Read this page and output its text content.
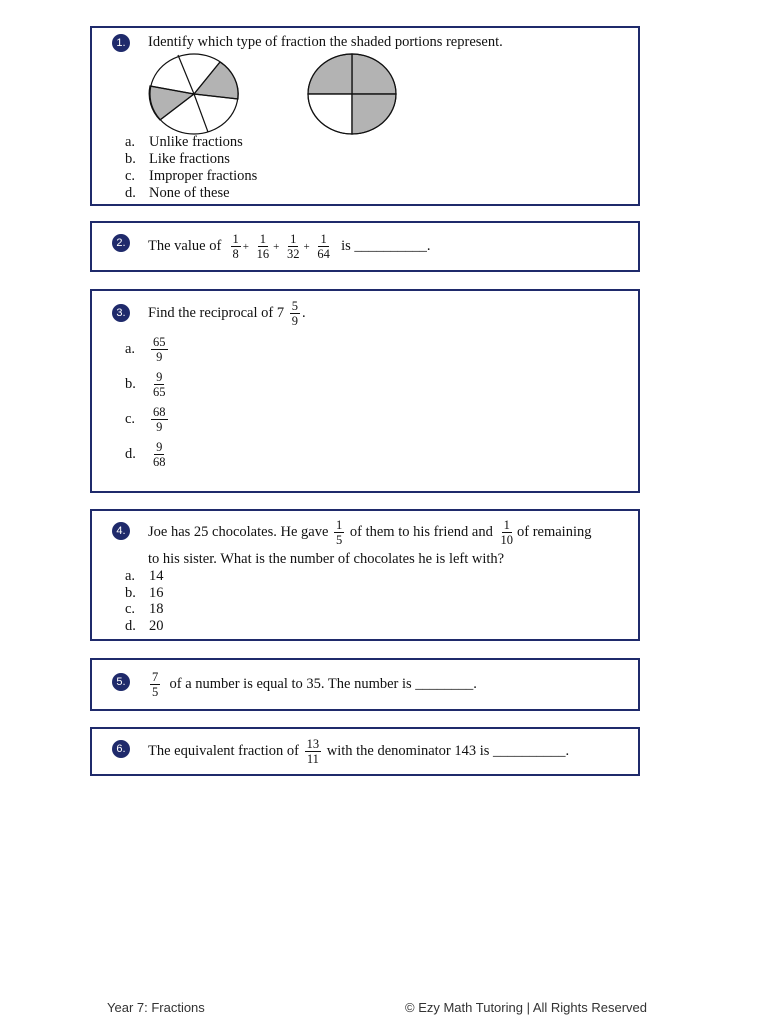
1.	Identify which type of fraction the shaded portions represent.
a. Unlike fractions
b. Like fractions
c. Improper fractions
d. None of these
2.	The value of $\frac{1}{8} + \frac{1}{16} + \frac{1}{32} + \frac{1}{64}$ is __________.
3.	Find the reciprocal of $7 \frac{5}{9}$ .
a. $\frac{65}{9}$
b. $\frac{9}{65}$
c. $\frac{68}{9}$
d. $\frac{9}{68}$
4.	Joe has 25 chocolates. He gave $\frac{1}{5}$ of them to his friend and $\frac{1}{10}$ of remaining
to his sister. What is the number of chocolates he is left with?
a. 14
b. 16
c. 18
d. 20
5.	$\frac{7}{5}$ of a number is equal to 35. The number is ________.
6.	The equivalent fraction of $\frac{13}{11}$ with the denominator 143 is __________.
Year 7: Fractions	© Ezy Math Tutoring | All Rights Reserved
